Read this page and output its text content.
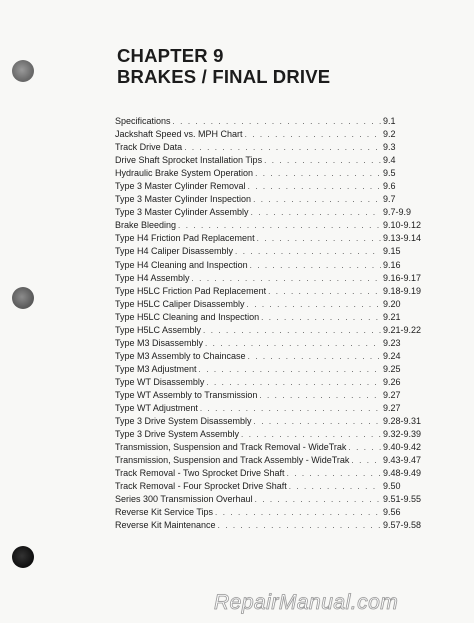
CHAPTER 9
BRAKES / FINAL DRIVE
Specifications . . .	9.1
Jackshaft Speed vs. MPH Chart . . .	9.2
Track Drive Data . . .	9.3
Drive Shaft Sprocket Installation Tips . . .	9.4
Hydraulic Brake System Operation . . .	9.5
Type 3 Master Cylinder Removal . . .	9.6
Type 3 Master Cylinder Inspection . . .	9.7
Type 3 Master Cylinder Assembly . . .	9.7-9.9
Brake Bleeding . . .	9.10-9.12
Type H4 Friction Pad Replacement . . .	9.13-9.14
Type H4 Caliper Disassembly . . .	9.15
Type H4 Cleaning and Inspection . . .	9.16
Type H4 Assembly . . .	9.16-9.17
Type H5LC Friction Pad Replacement . . .	9.18-9.19
Type H5LC Caliper Disassembly . . .	9.20
Type H5LC Cleaning and Inspection . . .	9.21
Type H5LC Assembly . . .	9.21-9.22
Type M3 Disassembly . . .	9.23
Type M3 Assembly to Chaincase . . .	9.24
Type M3 Adjustment . . .	9.25
Type WT Disassembly . . .	9.26
Type WT Assembly to Transmission . . .	9.27
Type WT Adjustment . . .	9.27
Type 3 Drive System Disassembly . . .	9.28-9.31
Type 3 Drive System Assembly . . .	9.32-9.39
Transmission, Suspension and Track Removal - WideTrak . . .	9.40-9.42
Transmission, Suspension and Track Assembly - WideTrak . . .	9.43-9.47
Track Removal - Two Sprocket Drive Shaft . . .	9.48-9.49
Track Removal - Four Sprocket Drive Shaft . . .	9.50
Series 300 Transmission Overhaul . . .	9.51-9.55
Reverse Kit Service Tips . . .	9.56
Reverse Kit Maintenance . . .	9.57-9.58
RepairManual.com
